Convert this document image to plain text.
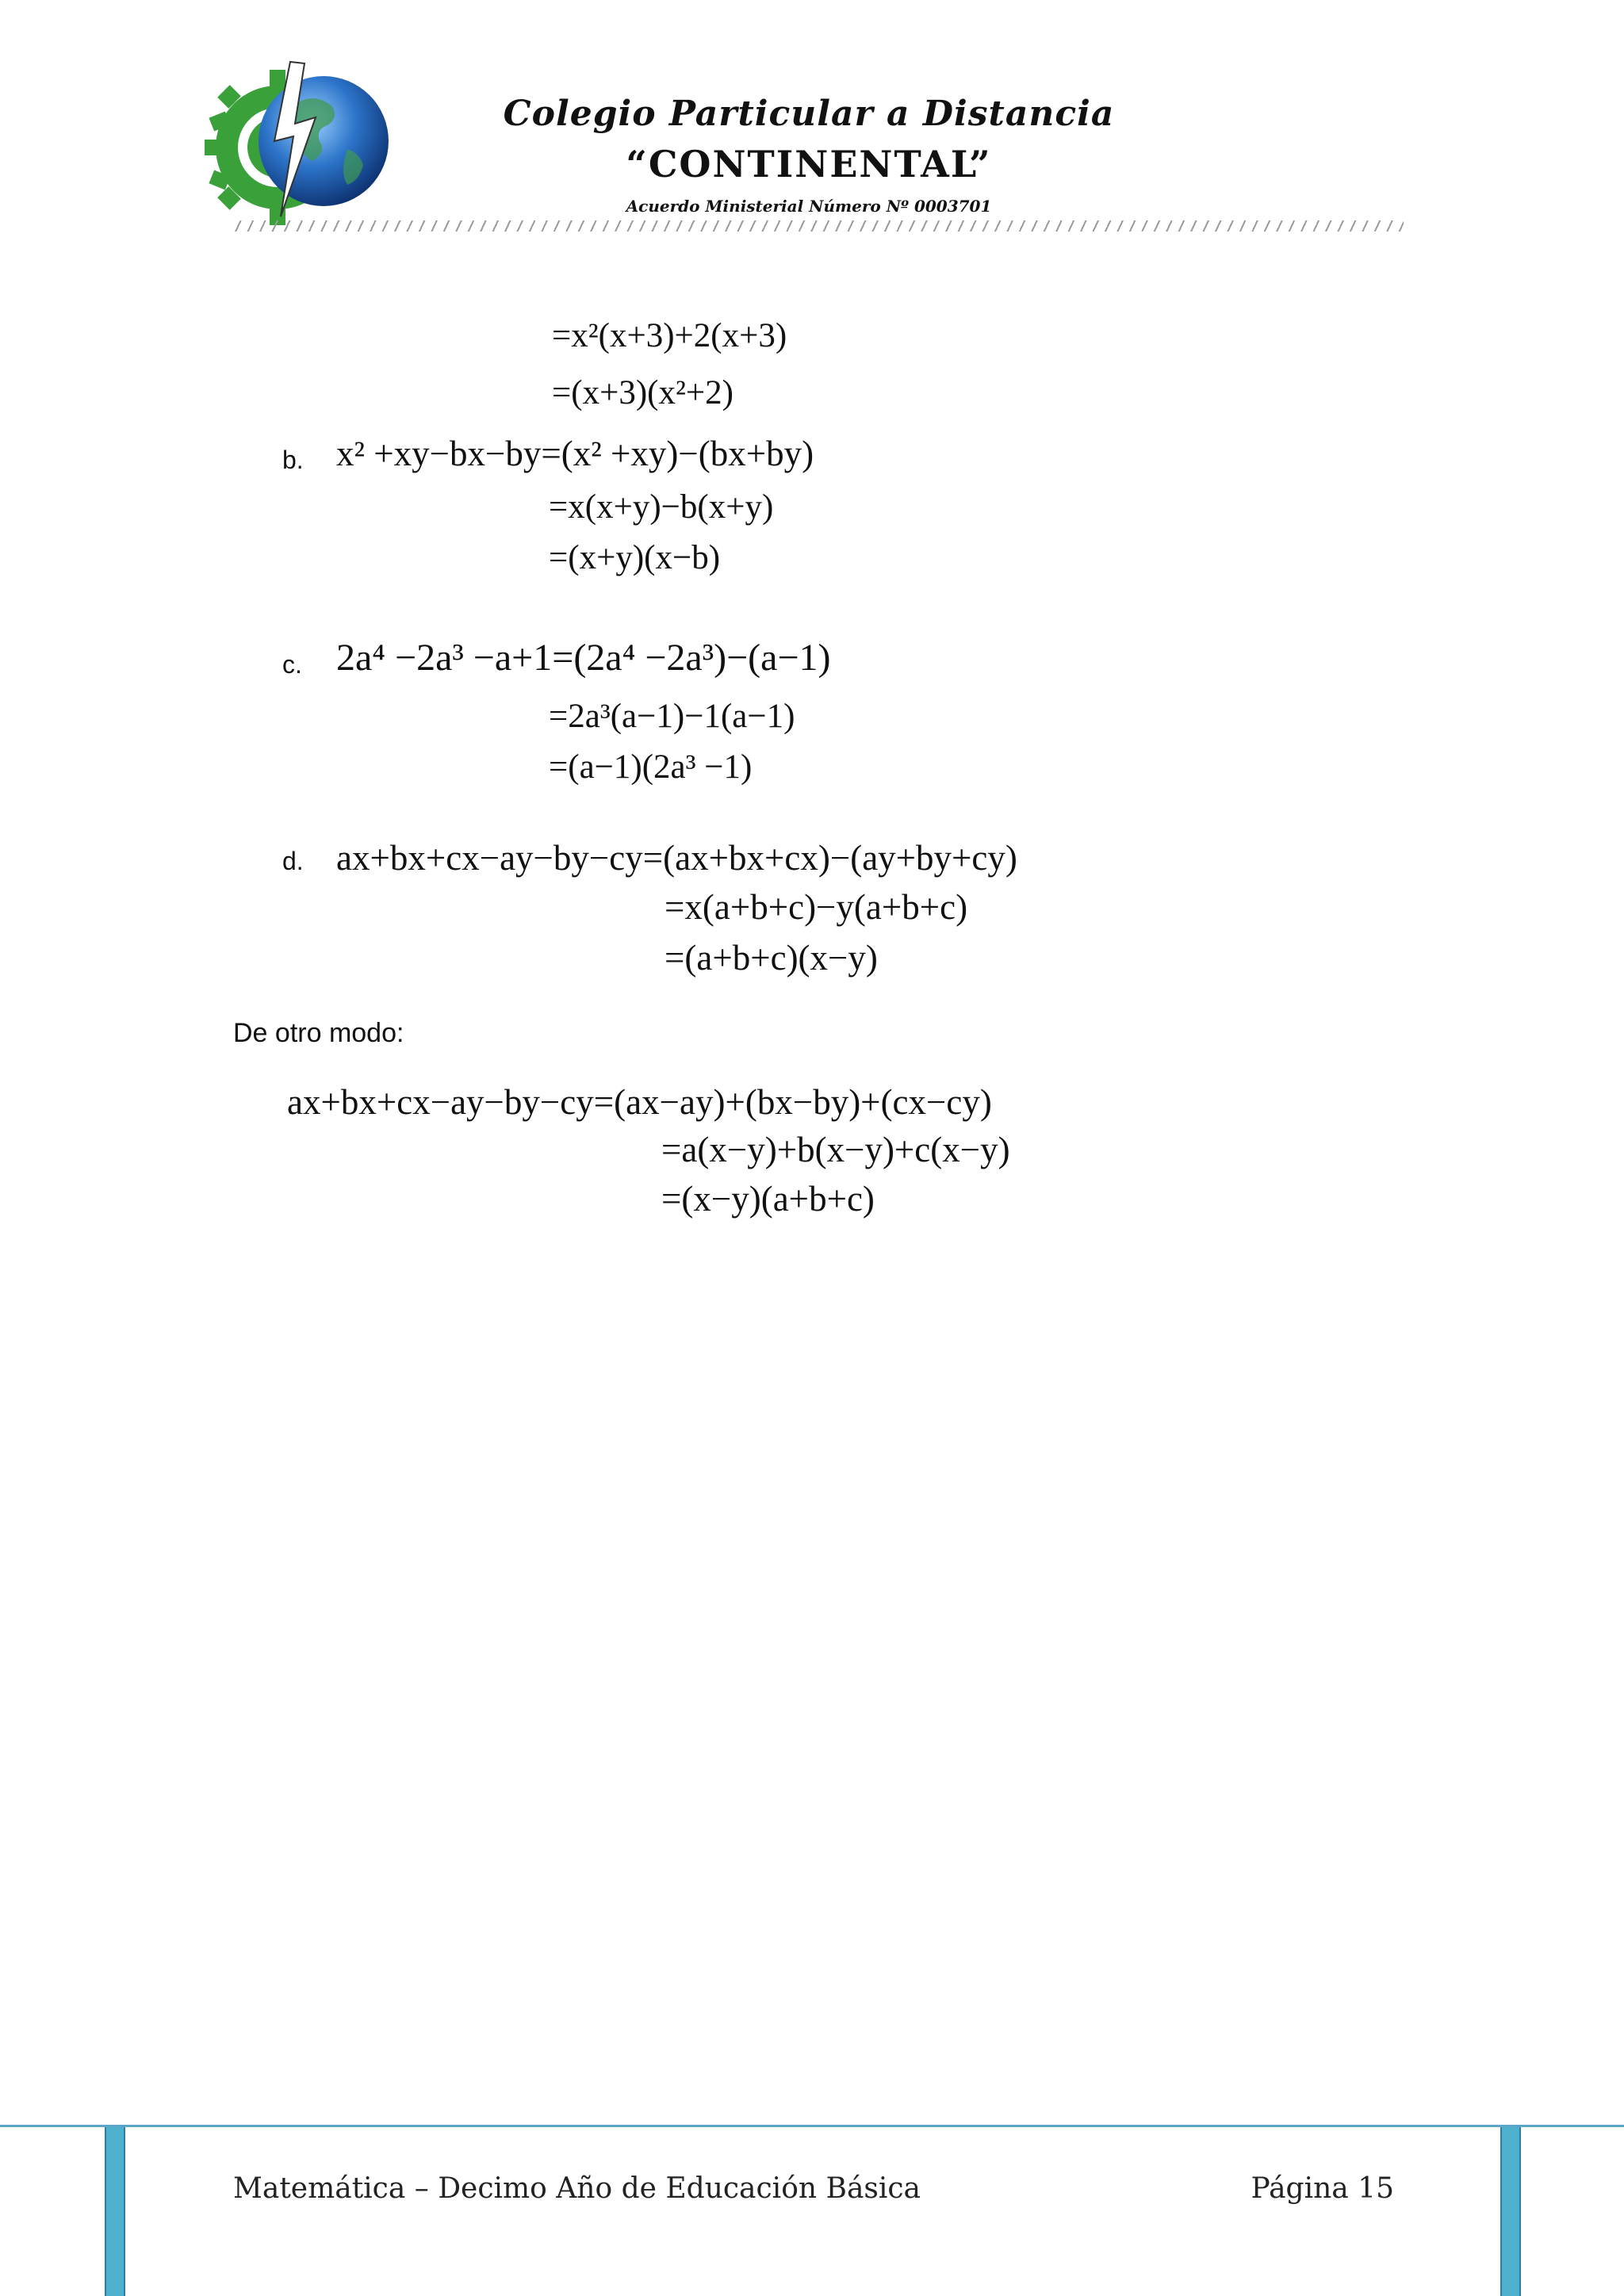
Colegio Particular a Distancia
“CONTINENTAL”
Acuerdo Ministerial Número Nº 0003701
=x²(x+3)+2(x+3)
=(x+3)(x²+2)
b. x² +xy−bx−by=(x² +xy)−(bx+by)
=x(x+y)−b(x+y)
=(x+y)(x−b)
c. 2a⁴ −2a³ −a+1=(2a⁴ −2a³)−(a−1)
=2a³(a−1)−1(a−1)
=(a−1)(2a³ −1)
d. ax+bx+cx−ay−by−cy=(ax+bx+cx)−(ay+by+cy)
=x(a+b+c)−y(a+b+c)
=(a+b+c)(x−y)
De otro modo:
ax+bx+cx−ay−by−cy=(ax−ay)+(bx−by)+(cx−cy)
=a(x−y)+b(x−y)+c(x−y)
=(x−y)(a+b+c)
Matemática – Decimo Año de Educación Básica	Página 15
